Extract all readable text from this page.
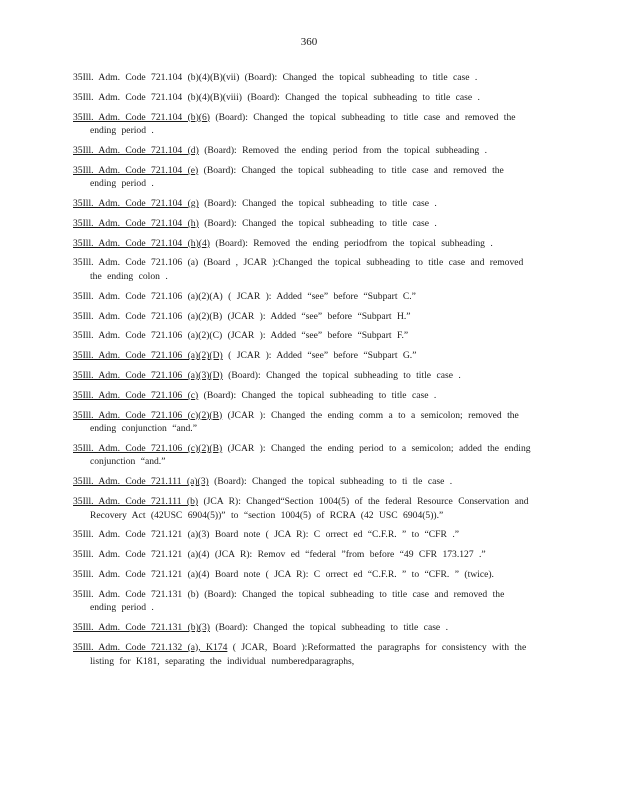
360

35Ill. Adm. Code 721.104 (b)(4)(B)(vii) (Board): Changed the topical subheading to title case .

35Ill. Adm. Code 721.104 (b)(4)(B)(viii) (Board): Changed the topical subheading to title case .

35Ill. Adm. Code 721.104 (b)(6) (Board): Changed the topical subheading to title case and removed the ending period .

35Ill. Adm. Code 721.104 (d) (Board): Removed the ending period from the topical subheading .

35Ill. Adm. Code 721.104 (e) (Board): Changed the topical subheading to title case and removed the ending period .

35Ill. Adm. Code 721.104 (g) (Board): Changed the topical subheading to title case .

35Ill. Adm. Code 721.104 (h) (Board): Changed the topical subheading to title case .

35Ill. Adm. Code 721.104 (h)(4) (Board): Removed the ending periodfrom the topical subheading .

35Ill. Adm. Code 721.106 (a) (Board , JCAR ):Changed the topical subheading to title case and removed the ending colon .

35Ill. Adm. Code 721.106 (a)(2)(A) ( JCAR ): Added “see” before “Subpart C.”

35Ill. Adm. Code 721.106 (a)(2)(B) (JCAR ): Added “see” before “Subpart H.”

35Ill. Adm. Code 721.106 (a)(2)(C) (JCAR ): Added “see” before “Subpart F.”

35Ill. Adm. Code 721.106 (a)(2)(D) ( JCAR ): Added “see” before “Subpart G.”

35Ill. Adm. Code 721.106 (a)(3)(D) (Board): Changed the topical subheading to title case .

35Ill. Adm. Code 721.106 (c) (Board): Changed the topical subheading to title case .

35Ill. Adm. Code 721.106 (c)(2)(B) (JCAR ): Changed the ending comm a to a semicolon; removed the ending conjunction “and.”

35Ill. Adm. Code 721.106 (c)(2)(B) (JCAR ): Changed the ending period to a semicolon; added the ending conjunction “and.”

35Ill. Adm. Code 721.111 (a)(3) (Board): Changed the topical subheading to ti tle case .

35Ill. Adm. Code 721.111 (b) (JCA R): Changed“Section 1004(5) of the federal Resource Conservation and Recovery Act (42USC 6904(5))” to “section 1004(5) of RCRA (42 USC 6904(5)).”

35Ill. Adm. Code 721.121 (a)(3) Board note ( JCA R): C orrect ed “C.F.R. ” to “CFR .”

35Ill. Adm. Code 721.121 (a)(4) (JCA R): Remov ed “federal ”from before “49 CFR 173.127 .”

35Ill. Adm. Code 721.121 (a)(4) Board note ( JCA R): C orrect ed “C.F.R. ” to “CFR. ” (twice).

35Ill. Adm. Code 721.131 (b) (Board): Changed the topical subheading to title case and removed the ending period .

35Ill. Adm. Code 721.131 (b)(3) (Board): Changed the topical subheading to title case .

35Ill. Adm. Code 721.132 (a), K174 ( JCAR, Board ):Reformatted the paragraphs for consistency with the listing for K181, separating the individual numberedparagraphs,
